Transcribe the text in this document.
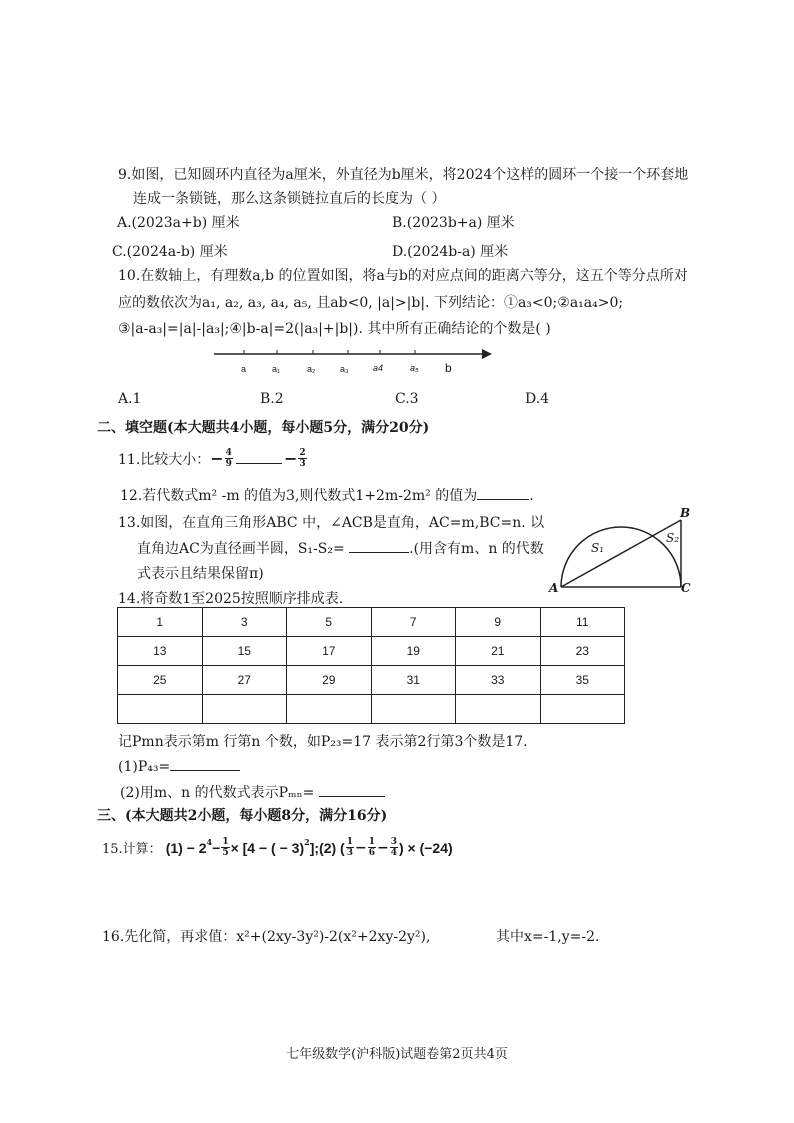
9.如图，已知圆环内直径为a厘米，外直径为b厘米，将2024个这样的圆环一个接一个环套地
连成一条锁链，那么这条锁链拉直后的长度为（ ）
A.(2023a+b) 厘米	B.(2023b+a) 厘米
C.(2024a-b) 厘米	D.(2024b-a) 厘米
10.在数轴上，有理数a,b 的位置如图，将a与b的对应点间的距离六等分，这五个等分点所对
应的数依次为a₁, a₂, a₃, a₄, a₅, 且ab<0, |a|>|b|. 下列结论：①a₃<0;②a₁a₄>0;
③|a-a₃|=|a|-|a₃|;④|b-a|=2(|a₃|+|b|). 其中所有正确结论的个数是( )
a	a₁	a₂	a₃	a4	a₅ b
A.1	B.2	C.3	D.4
二、填空题(本大题共4小题，每小题5分，满分20分)
11.比较大小： − $\frac{4}{9}$	− $\frac{2}{3}$
12.若代数式m² -m 的值为3,则代数式1+2m-2m² 的值为	.
13.如图，在直角三角形ABC 中，∠ACB是直角，AC=m,BC=n. 以
直角边AC为直径画半圆，S₁-S₂=	.(用含有m、n 的代数
式表示且结果保留π)
A
B
C
S₁
S₂
14.将奇数1至2025按照顺序排成表.
1	3	5	7	9	11
13	15	17	19	21	23
25	27	29	31	33	35

记Pmn表示第m 行第n 个数，如P₂₃=17 表示第2行第3个数是17.
(1)P₄₃=
(2)用m、n 的代数式表示Pₘₙ=
三、(本大题共2小题，每小题8分，满分16分)
15.计算： $(1) - 2^4 - \frac{1}{5} \times [4$ − ( − 3)$^2$ ];(2) ( $\frac{1}{3} - \frac{1}{6} - \frac{3}{4}$ ) × (−24)
16.先化简，再求值：x²+(2xy-3y²)-2(x²+2xy-2y²),	其中x=-1,y=-2.
七年级数学(沪科版)试题卷第2页共4页
